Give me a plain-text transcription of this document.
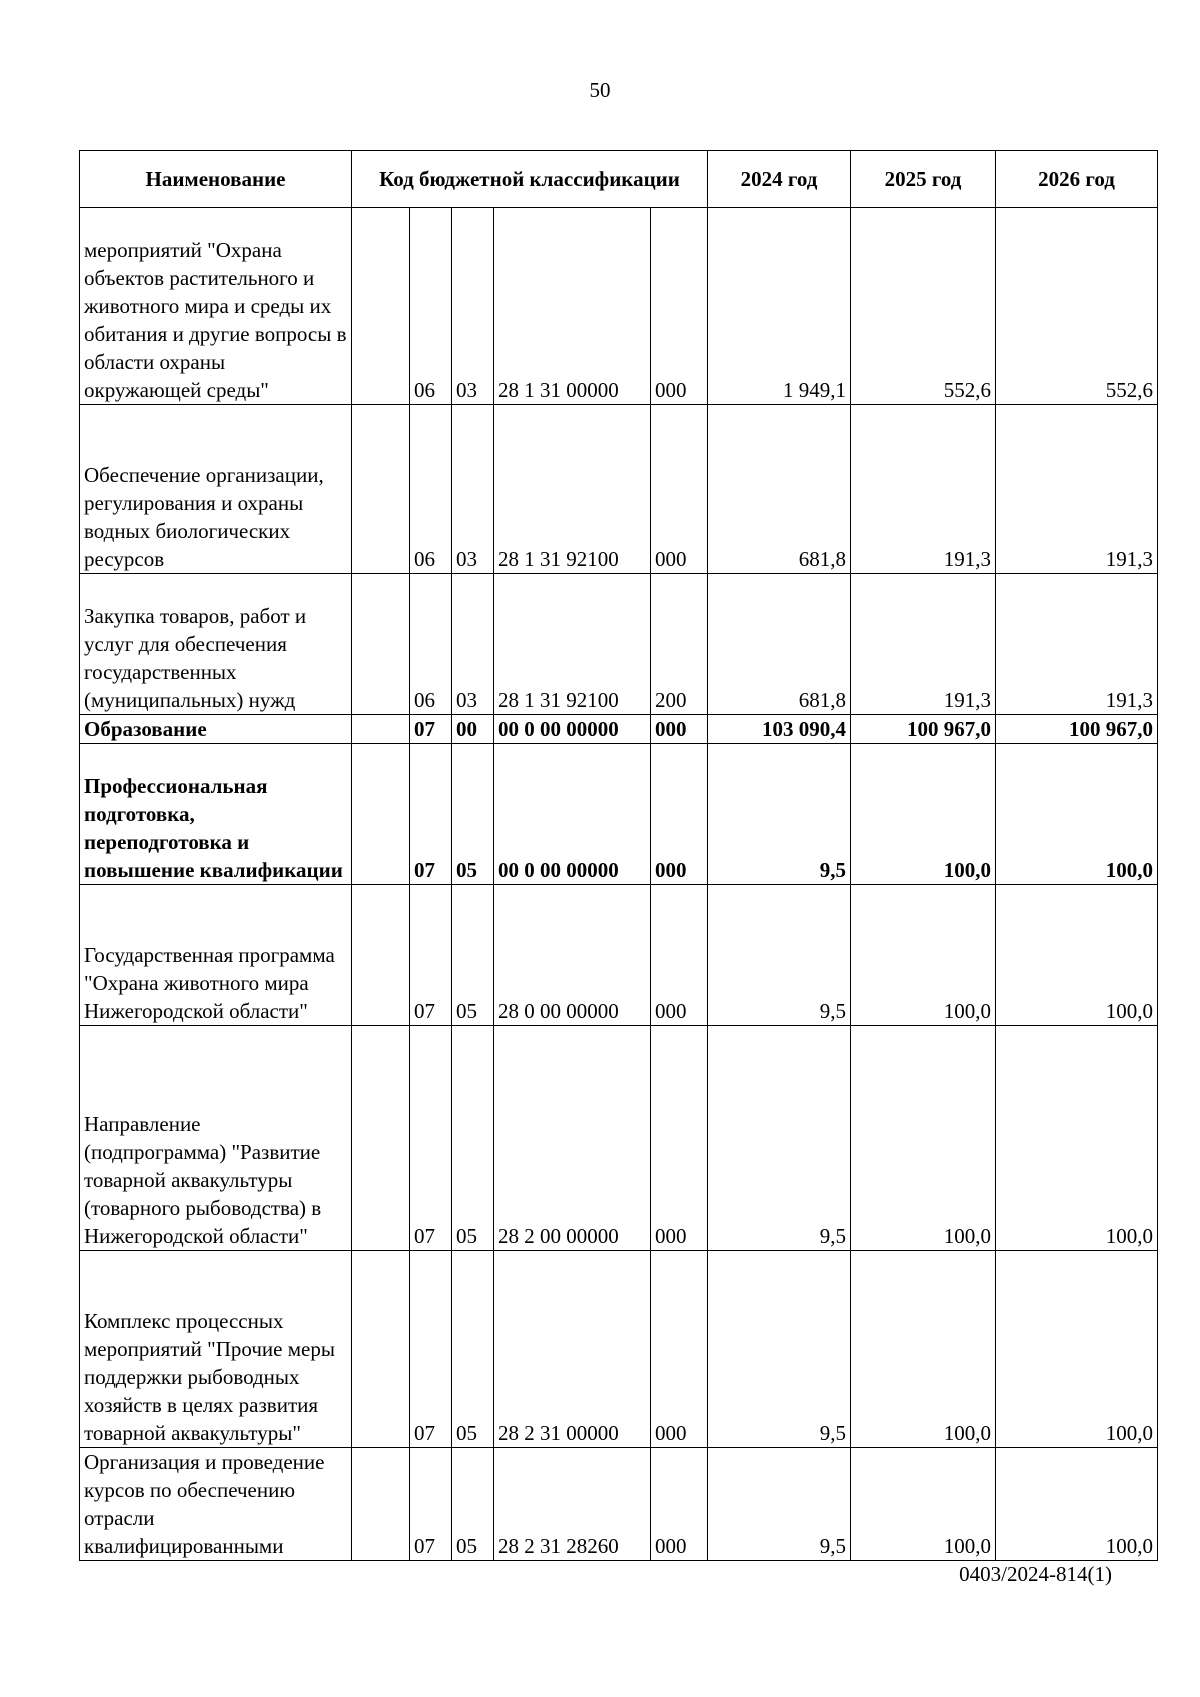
50
Наименование	Код бюджетной классификации					2024 год	2025 год	2026 год
мероприятий "Охрана объектов растительного и животного мира и среды их обитания и другие вопросы в области охраны окружающей среды"		06	03	28 1 31 00000	000	1 949,1	552,6	552,6
Обеспечение организации, регулирования и охраны водных биологических ресурсов		06	03	28 1 31 92100	000	681,8	191,3	191,3
Закупка товаров, работ и услуг для обеспечения государственных (муниципальных) нужд		06	03	28 1 31 92100	200	681,8	191,3	191,3
Образование		07	00	00 0 00 00000	000	103 090,4	100 967,0	100 967,0
Профессиональная подготовка, переподготовка и повышение квалификации		07	05	00 0 00 00000	000	9,5	100,0	100,0
Государственная программа "Охрана животного мира Нижегородской области"		07	05	28 0 00 00000	000	9,5	100,0	100,0
Направление (подпрограмма) "Развитие товарной аквакультуры (товарного рыбоводства) в Нижегородской области"		07	05	28 2 00 00000	000	9,5	100,0	100,0
Комплекс процессных мероприятий "Прочие меры поддержки рыбоводных хозяйств в целях развития товарной аквакультуры"		07	05	28 2 31 00000	000	9,5	100,0	100,0
Организация и проведение курсов по обеспечению отрасли квалифицированными		07	05	28 2 31 28260	000	9,5	100,0	100,0
0403/2024-814(1)
